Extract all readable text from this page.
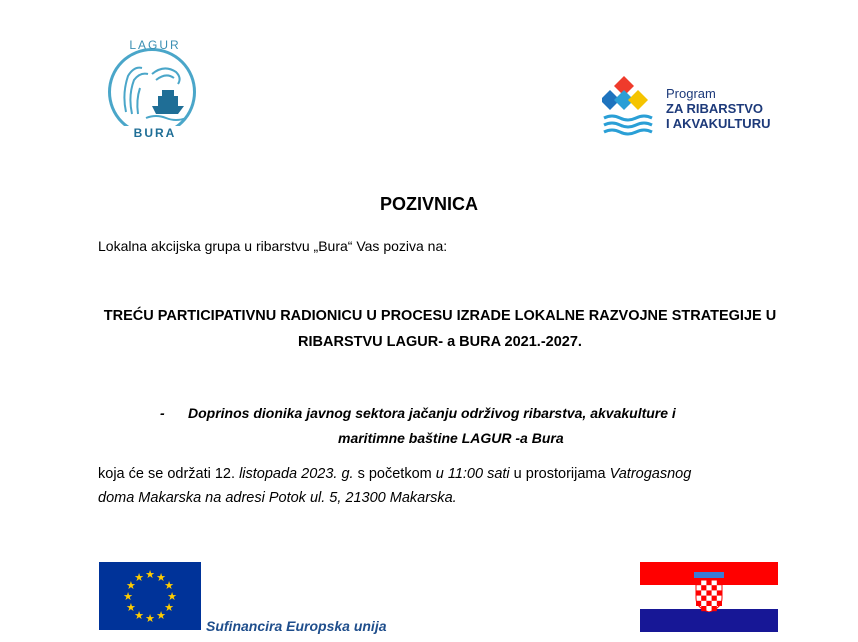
LAGUR
BURA
Program
ZA RIBARSTVO
I AKVAKULTURU
POZIVNICA
Lokalna akcijska grupa u ribarstvu „Bura“ Vas poziva na:
TREĆU PARTICIPATIVNU RADIONICU U PROCESU IZRADE LOKALNE RAZVOJNE STRATEGIJE U
RIBARSTVU LAGUR- a BURA 2021.-2027.
- Doprinos dionika javnog sektora jačanju održivog ribarstva, akvakulture i
maritimne baštine LAGUR -a Bura
koja će se održati 12. listopada 2023. g. s početkom u 11:00 sati u prostorijama Vatrogasnog
doma Makarska na adresi Potok ul. 5, 21300 Makarska.
★ ★
★
★
★
★
★
★
★
★
★
★
Sufinancira Europska unija
